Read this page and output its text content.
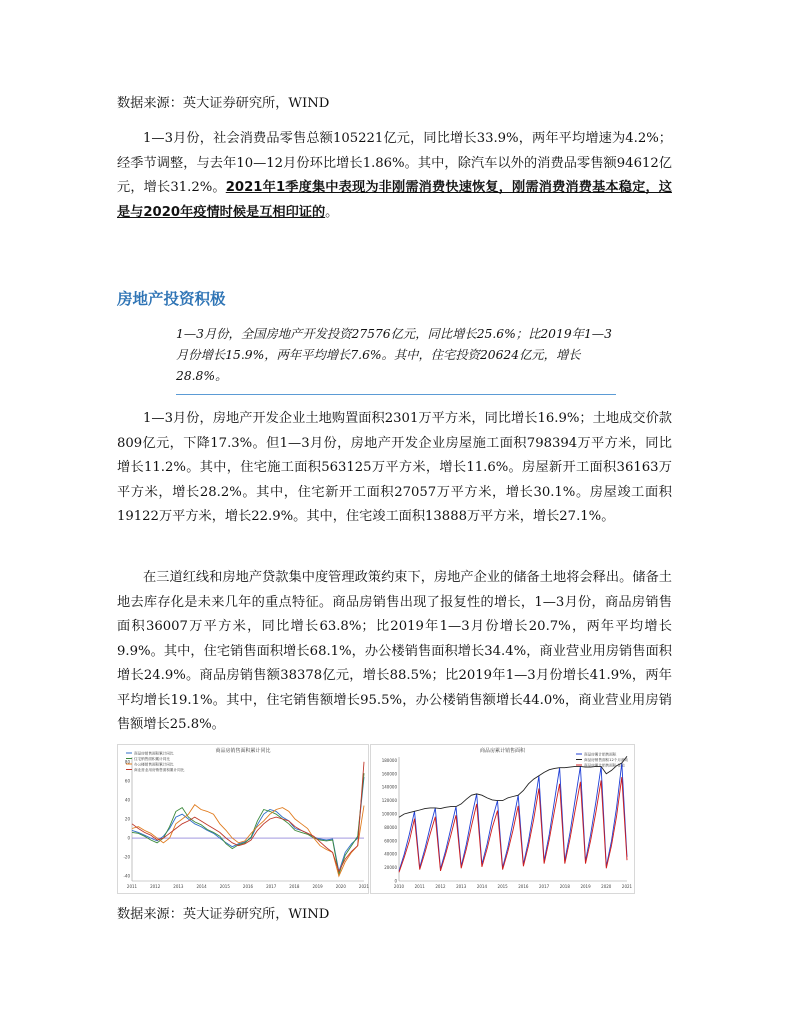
数据来源：英大证券研究所，WIND
1—3月份，社会消费品零售总额105221亿元，同比增长33.9%，两年平均增速为4.2%；经季节调整，与去年10—12月份环比增长1.86%。其中，除汽车以外的消费品零售额94612亿元，增长31.2%。2021年1季度集中表现为非刚需消费快速恢复，刚需消费消费基本稳定，这是与2020年疫情时候是互相印证的。
房地产投资积极
1—3月份，全国房地产开发投资27576亿元，同比增长25.6%；比2019年1—3月份增长15.9%，两年平均增长7.6%。其中，住宅投资20624亿元，增长28.8%。
1—3月份，房地产开发企业土地购置面积2301万平方米，同比增长16.9%；土地成交价款809亿元，下降17.3%。但1—3月份，房地产开发企业房屋施工面积798394万平方米，同比增长11.2%。其中，住宅施工面积563125万平方米，增长11.6%。房屋新开工面积36163万平方米，增长28.2%。其中，住宅新开工面积27057万平方米，增长30.1%。房屋竣工面积19122万平方米，增长22.9%。其中，住宅竣工面积13888万平方米，增长27.1%。
在三道红线和房地产贷款集中度管理政策约束下，房地产企业的储备土地将会释出。储备土地去库存化是未来几年的重点特征。商品房销售出现了报复性的增长，1—3月份，商品房销售面积36007万平方米，同比增长63.8%；比2019年1—3月份增长20.7%，两年平均增长9.9%。其中，住宅销售面积增长68.1%，办公楼销售面积增长34.4%，商业营业用房销售面积增长24.9%。商品房销售额38378亿元，增长88.5%；比2019年1—3月份增长41.9%，两年平均增长19.1%。其中，住宅销售额增长95.5%，办公楼销售额增长44.0%，商业营业用房销售额增长25.8%。
商品房销售面积累计同比
80
60
40
20
0
-20
-40
2011	2012	2013	2014	2015	2016	2017	2018	2019	2020	2021
商品房销售面积累计同比
住宅销售面积累计同比
办公楼销售面积累计同比
商业营业用房销售面积累计同比
商品房累计销售面积
180000
160000
140000
120000
100000
80000
60000
40000
20000
0
2010	2011	2012	2013	2014	2015	2016	2017	2018	2019	2020	2021
商品房累计销售面积
商品房销售面积12个月滚动
商品房累计销售面积-住宅
数据来源：英大证券研究所，WIND
